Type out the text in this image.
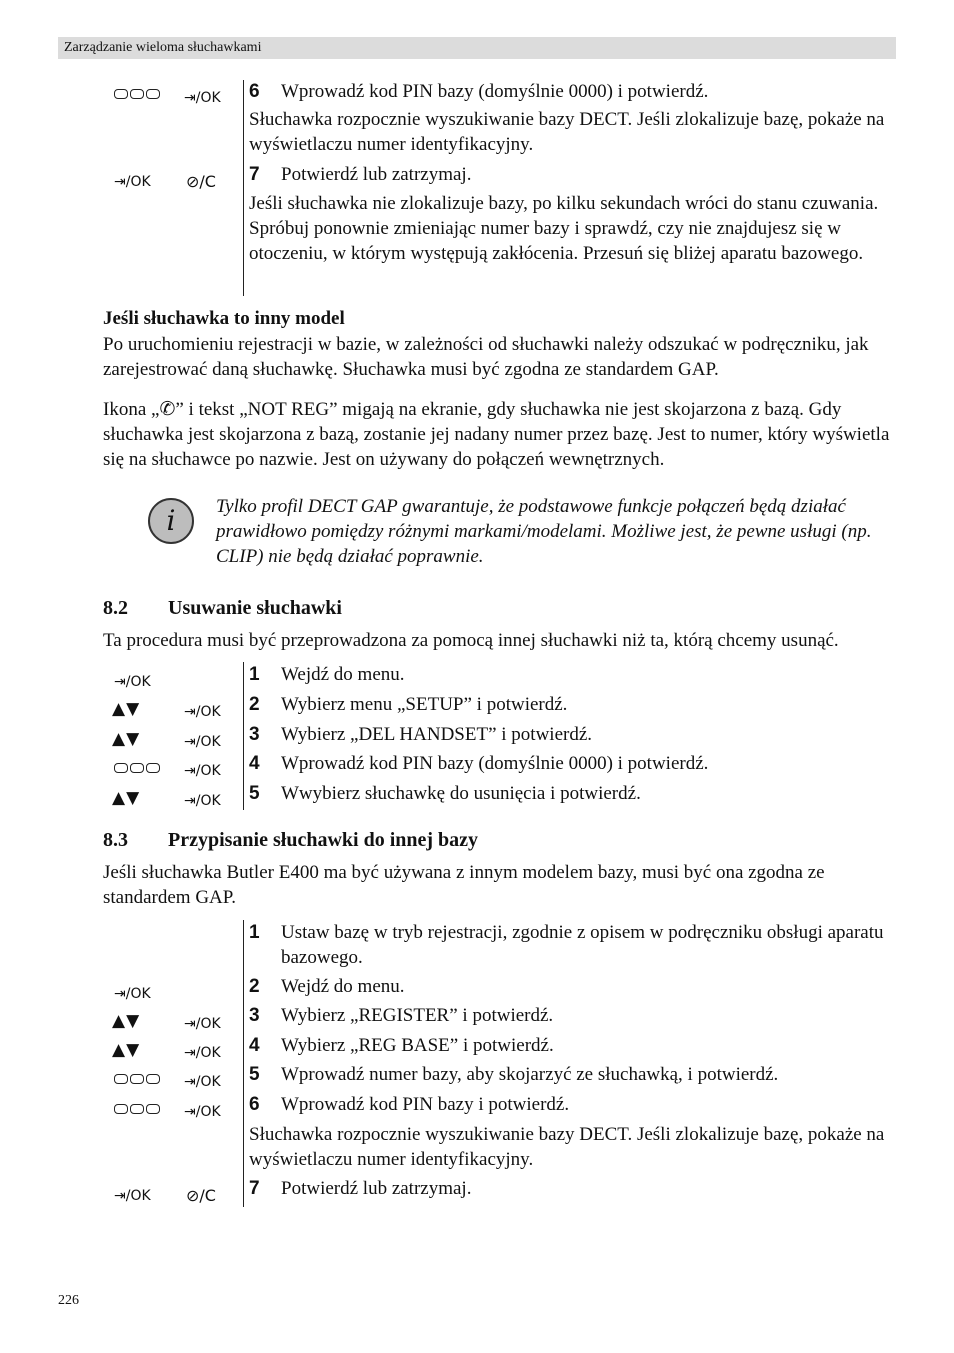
Zarządzanie wieloma słuchawkami
⇥/OK 6 Wprowadź kod PIN bazy (domyślnie 0000) i potwierdź.
Słuchawka rozpocznie wyszukiwanie bazy DECT. Jeśli zlokalizuje bazę, pokaże na wyświetlaczu numer identyfikacyjny.
⇥/OK ⊘/C 7 Potwierdź lub zatrzymaj.
Jeśli słuchawka nie zlokalizuje bazy, po kilku sekundach wróci do stanu czuwania. Spróbuj ponownie zmieniając numer bazy i sprawdź, czy nie znajdujesz się w otoczeniu, w którym występują zakłócenia. Przesuń się bliżej aparatu bazowego.
Jeśli słuchawka to inny model
Po uruchomieniu rejestracji w bazie, w zależności od słuchawki należy odszukać w podręczniku, jak zarejestrować daną słuchawkę. Słuchawka musi być zgodna ze standardem GAP.
Ikona „✆” i tekst „NOT REG” migają na ekranie, gdy słuchawka nie jest skojarzona z bazą. Gdy słuchawka jest skojarzona z bazą, zostanie jej nadany numer przez bazę. Jest to numer, który wyświetla się na słuchawce po nazwie. Jest on używany do połączeń wewnętrznych.
i	Tylko profil DECT GAP gwarantuje, że podstawowe funkcje połączeń będą działać prawidłowo pomiędzy różnymi markami/modelami. Możliwe jest, że pewne usługi (np. CLIP) nie będą działać poprawnie.
8.2 Usuwanie słuchawki
Ta procedura musi być przeprowadzona za pomocą innej słuchawki niż ta, którą chcemy usunąć.
⇥/OK	1 Wejdź do menu.
▲▼	⇥/OK 2 Wybierz menu „SETUP” i potwierdź.
▲▼	⇥/OK 3 Wybierz „DEL HANDSET” i potwierdź.
⇥/OK 4 Wprowadź kod PIN bazy (domyślnie 0000) i potwierdź.
▲▼	⇥/OK 5 Wwybierz słuchawkę do usunięcia i potwierdź.
8.3 Przypisanie słuchawki do innej bazy
Jeśli słuchawka Butler E400 ma być używana z innym modelem bazy, musi być ona zgodna ze standardem GAP.
1 Ustaw bazę w tryb rejestracji, zgodnie z opisem w podręczniku obsługi aparatu bazowego.
⇥/OK	2 Wejdź do menu.
▲▼	⇥/OK 3 Wybierz „REGISTER” i potwierdź.
▲▼	⇥/OK 4 Wybierz „REG BASE” i potwierdź.
⇥/OK 5 Wprowadź numer bazy, aby skojarzyć ze słuchawką, i potwierdź.
⇥/OK 6 Wprowadź kod PIN bazy i potwierdź.
Słuchawka rozpocznie wyszukiwanie bazy DECT. Jeśli zlokalizuje bazę, pokaże na wyświetlaczu numer identyfikacyjny.
⇥/OK ⊘/C 7 Potwierdź lub zatrzymaj.
226
